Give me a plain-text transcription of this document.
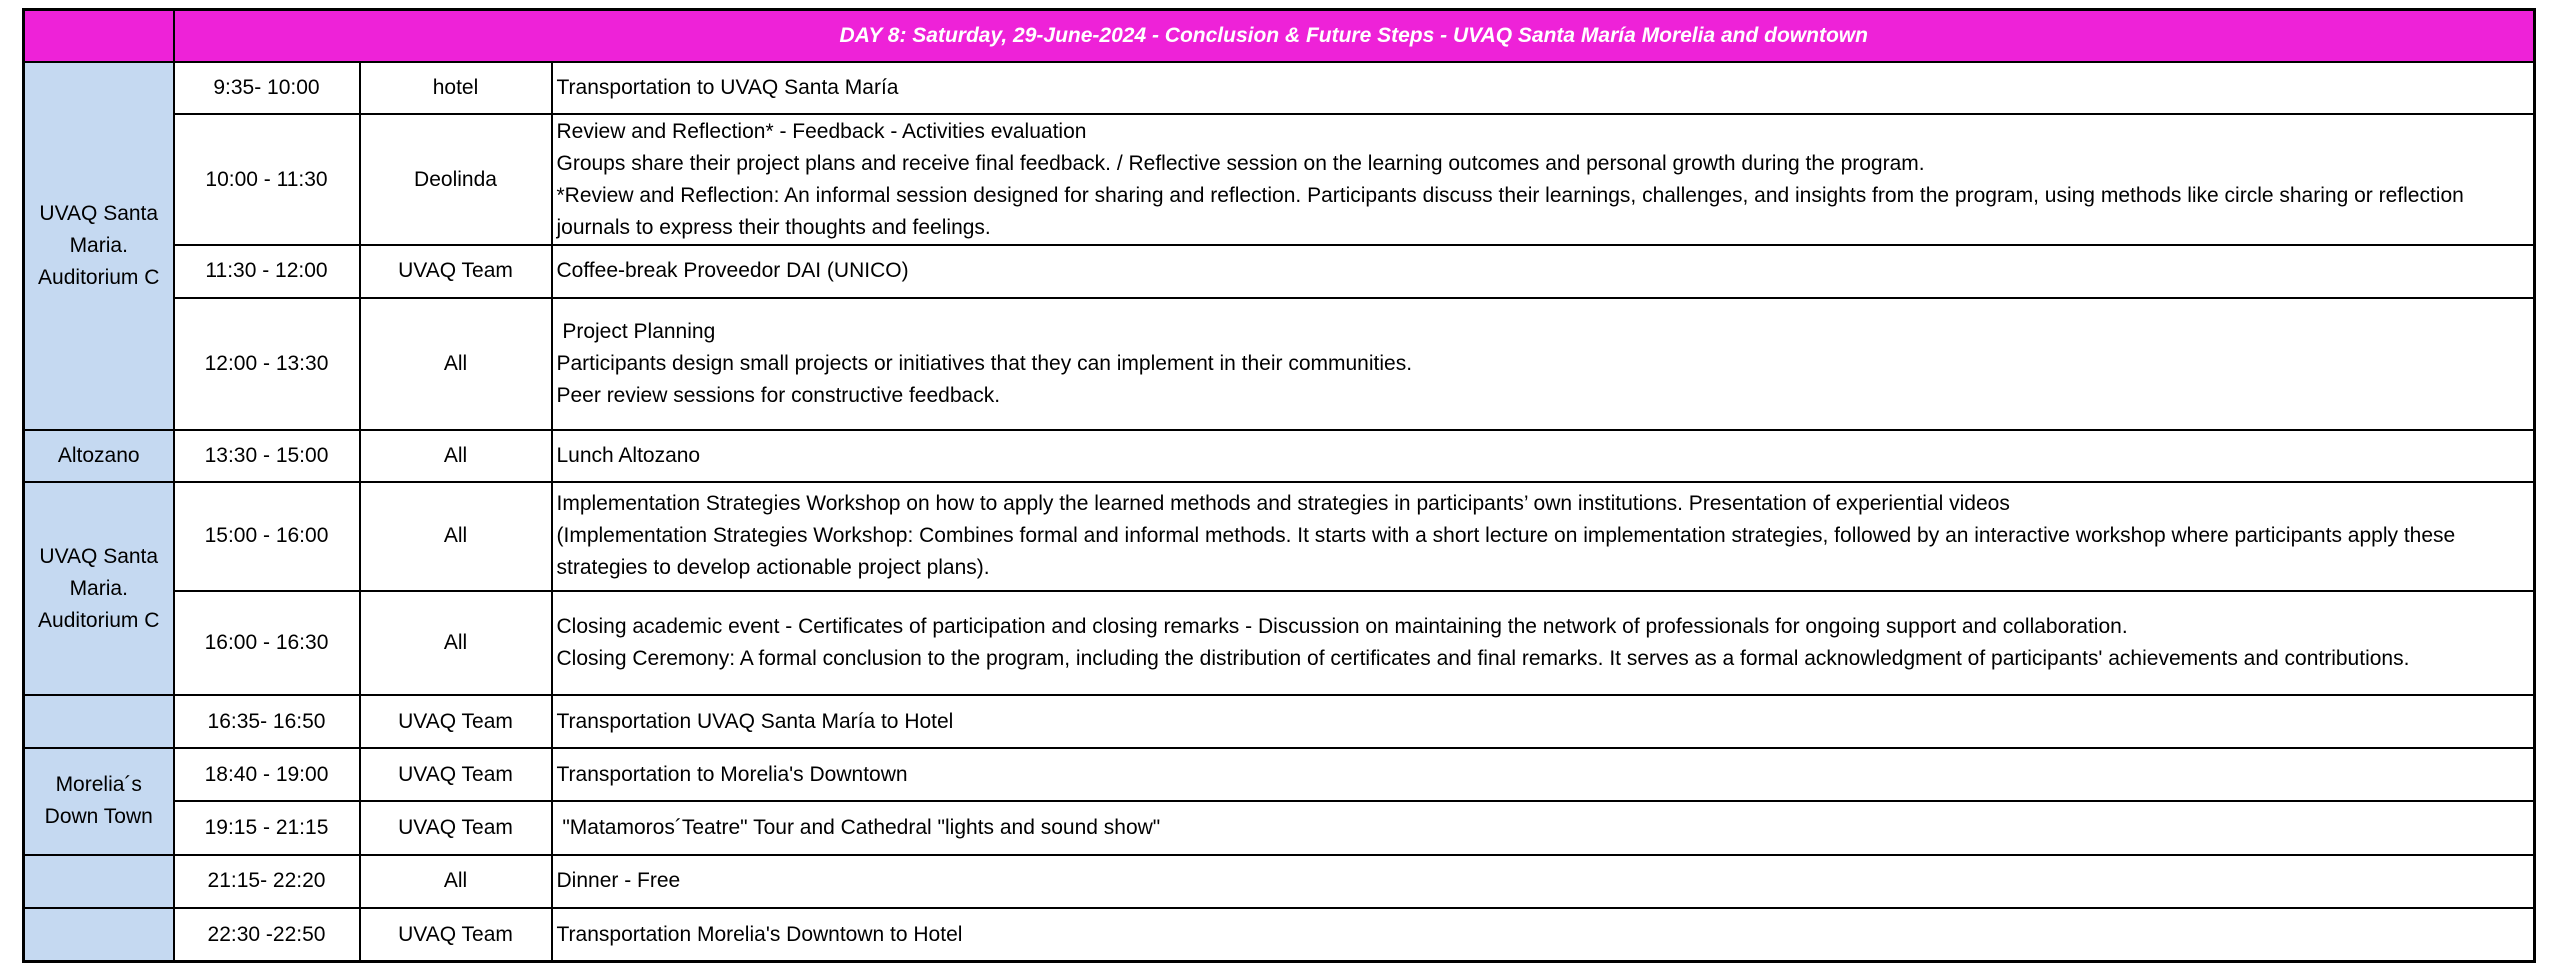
	DAY 8: Saturday, 29-June-2024 - Conclusion & Future Steps - UVAQ Santa María Morelia and downtown		
UVAQ Santa Maria. Auditorium C	9:35- 10:00	hotel	Transportation to UVAQ Santa María

	10:00 - 11:30	Deolinda	Review and Reflection* - Feedback - Activities evaluation
Groups share their project plans and receive final feedback. / Reflective session on the learning outcomes and personal growth during the program.
*Review and Reflection: An informal session designed for sharing and reflection. Participants discuss their learnings, challenges, and insights from the program, using methods like circle sharing or reflection journals to express their thoughts and feelings.

	11:30 - 12:00	UVAQ Team	Coffee-break Proveedor DAI (UNICO)

	12:00 - 13:30	All	Project Planning
Participants design small projects or initiatives that they can implement in their communities.
Peer review sessions for constructive feedback.

Altozano	13:30 - 15:00	All	Lunch Altozano

UVAQ Santa Maria. Auditorium C	15:00 - 16:00	All	Implementation Strategies Workshop on how to apply the learned methods and strategies in participants’ own institutions. Presentation of experiential videos
(Implementation Strategies Workshop: Combines formal and informal methods. It starts with a short lecture on implementation strategies, followed by an interactive workshop where participants apply these strategies to develop actionable project plans).

	16:00 - 16:30	All	Closing academic event - Certificates of participation and closing remarks - Discussion on maintaining the network of professionals for ongoing support and collaboration.
Closing Ceremony: A formal conclusion to the program, including the distribution of certificates and final remarks. It serves as a formal acknowledgment of participants' achievements and contributions.

	16:35- 16:50	UVAQ Team	Transportation UVAQ Santa María to Hotel

Morelia´s Down Town	18:40 - 19:00	UVAQ Team	Transportation to Morelia's Downtown

	19:15 - 21:15	UVAQ Team	"Matamoros´Teatre" Tour and Cathedral "lights and sound show"

	21:15- 22:20	All	Dinner - Free

	22:30 -22:50	UVAQ Team	Transportation Morelia's Downtown to Hotel
